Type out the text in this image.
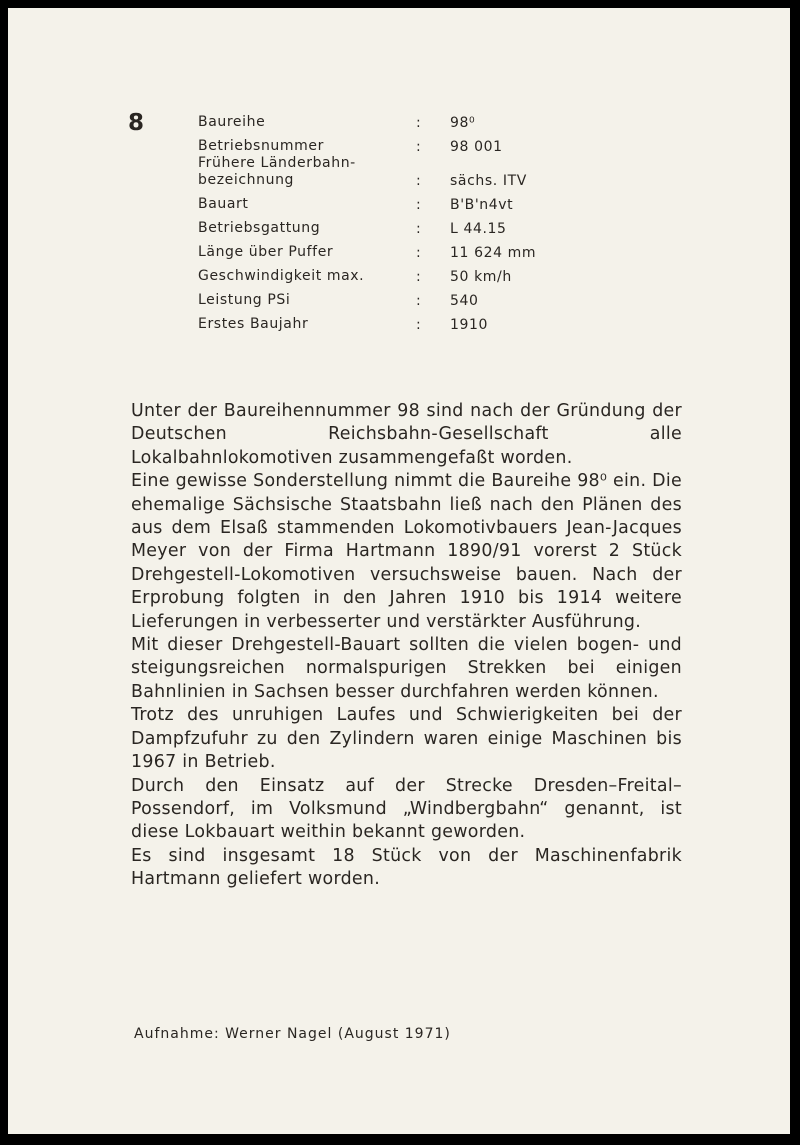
8	Baureihe	:	98⁰
Betriebsnummer	:	98 001
Frühere Länderbahn-
bezeichnung	:	sächs. ITV
Bauart	:	B'B'n4vt
Betriebsgattung	:	L 44.15
Länge über Puffer	:	11 624 mm
Geschwindigkeit max.	:	50 km/h
Leistung PSi	:	540
Erstes Baujahr	:	1910

Unter der Baureihennummer 98 sind nach der Gründung der Deutschen Reichsbahn-Gesellschaft alle Lokalbahnlokomotiven zusammengefaßt worden.

Eine gewisse Sonderstellung nimmt die Baureihe 98⁰ ein. Die ehemalige Sächsische Staatsbahn ließ nach den Plänen des aus dem Elsaß stammenden Lokomotivbauers Jean-Jacques Meyer von der Firma Hartmann 1890/91 vorerst 2 Stück Drehgestell-Lokomotiven versuchsweise bauen. Nach der Erprobung folgten in den Jahren 1910 bis 1914 weitere Lieferungen in verbesserter und verstärkter Ausführung.

Mit dieser Drehgestell-Bauart sollten die vielen bogen- und steigungsreichen normalspurigen Strekken bei einigen Bahnlinien in Sachsen besser durchfahren werden können.

Trotz des unruhigen Laufes und Schwierigkeiten bei der Dampfzufuhr zu den Zylindern waren einige Maschinen bis 1967 in Betrieb.

Durch den Einsatz auf der Strecke Dresden–Freital–Possendorf, im Volksmund „Windbergbahn“ genannt, ist diese Lokbauart weithin bekannt geworden.

Es sind insgesamt 18 Stück von der Maschinenfabrik Hartmann geliefert worden.

Aufnahme: Werner Nagel (August 1971)
